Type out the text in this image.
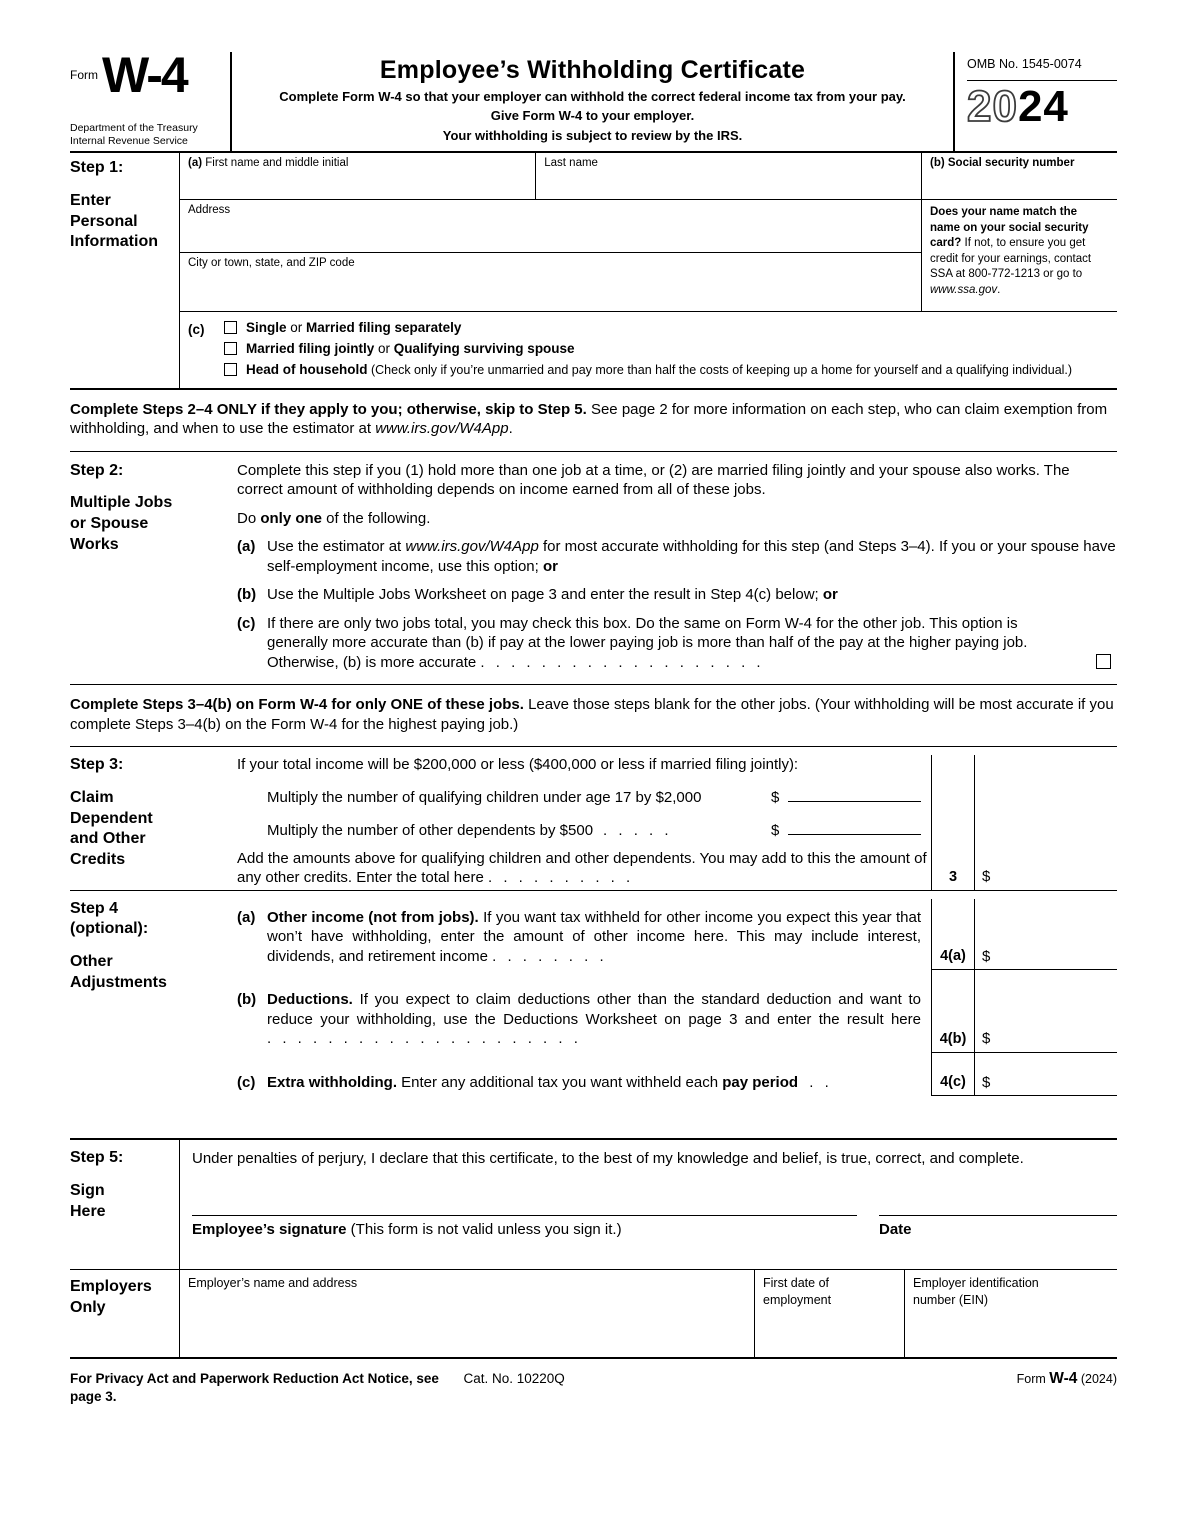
Form W-4
Department of the Treasury
Internal Revenue Service
Employee’s Withholding Certificate
Complete Form W-4 so that your employer can withhold the correct federal income tax from your pay.
Give Form W-4 to your employer.
Your withholding is subject to review by the IRS.
OMB No. 1545-0074
2024
Step 1:
Enter
Personal
Information
(a) First name and middle initial	Last name
Address
City or town, state, and ZIP code
(b) Social security number
Does your name match the name on your social security card? If not, to ensure you get credit for your earnings, contact SSA at 800-772-1213 or go to www.ssa.gov.
(c)	Single or Married filing separately
Married filing jointly or Qualifying surviving spouse
Head of household (Check only if you’re unmarried and pay more than half the costs of keeping up a home for yourself and a qualifying individual.)

Complete Steps 2–4 ONLY if they apply to you; otherwise, skip to Step 5. See page 2 for more information on each step, who can claim exemption from withholding, and when to use the estimator at www.irs.gov/W4App.

Step 2:
Multiple Jobs
or Spouse
Works

Complete this step if you (1) hold more than one job at a time, or (2) are married filing jointly and your spouse also works. The correct amount of withholding depends on income earned from all of these jobs.

Do only one of the following.

(a) Use the estimator at www.irs.gov/W4App for most accurate withholding for this step (and Steps 3–4). If you or your spouse have self-employment income, use this option; or
(b) Use the Multiple Jobs Worksheet on page 3 and enter the result in Step 4(c) below; or
(c) If there are only two jobs total, you may check this box. Do the same on Form W-4 for the other job. This option is generally more accurate than (b) if pay at the lower paying job is more than half of the pay at the higher paying job. Otherwise, (b) is more accurate . . . . . . . . . . . . . . . . . . .

Complete Steps 3–4(b) on Form W-4 for only ONE of these jobs. Leave those steps blank for the other jobs. (Your withholding will be most accurate if you complete Steps 3–4(b) on the Form W-4 for the highest paying job.)

Step 3:
Claim
Dependent
and Other
Credits
If your total income will be $200,000 or less ($400,000 or less if married filing jointly):
Multiply the number of qualifying children under age 17 by $2,000	$
Multiply the number of other dependents by $500 . . . . .	$
Add the amounts above for qualifying children and other dependents. You may add to this the amount of any other credits. Enter the total here . . . . . . . . . .	3	$
Step 4
(optional):
Other
Adjustments
(a) Other income (not from jobs). If you want tax withheld for other income you expect this year that won’t have withholding, enter the amount of other income here. This may include interest, dividends, and retirement income . . . . . . . .	4(a)	$
(b) Deductions. If you expect to claim deductions other than the standard deduction and want to reduce your withholding, use the Deductions Worksheet on page 3 and enter the result here . . . . . . . . . . . . . . . . . . . . .	4(b)	$
(c) Extra withholding. Enter any additional tax you want withheld each pay period . .	4(c)	$
Step 5:
Sign
Here

Under penalties of perjury, I declare that this certificate, to the best of my knowledge and belief, is true, correct, and complete.

Employee’s signature (This form is not valid unless you sign it.)	Date
Employers
Only
Employer’s name and address	First date of
employment
Employer identification
number (EIN)
For Privacy Act and Paperwork Reduction Act Notice, see page 3.
Cat. No. 10220Q	Form W-4 (2024)
